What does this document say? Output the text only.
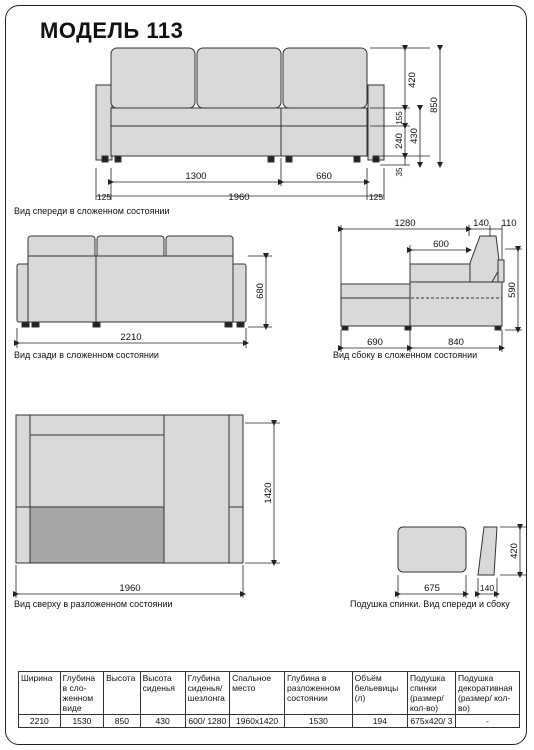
МОДЕЛЬ 113
420
850
155
240 430
35
1300	660
125	1960	125
680
2210
1280	140 110
600
590
690	840
1420
1960
420
675	140
Вид спереди в сложенном состоянии
Вид сзади в сложенном состоянии	Вид сбоку в сложенном состоянии
Вид сверху в разложенном состоянии	Подушка спинки. Вид спереди и сбоку
Ширина	Глубина в сло-женном виде	Высота	Высота сиденья	Глубина сиденья/ шезлонга	Спальное место	Глубина в разложенном состоянии	Объём бельевицы (л)	Подушка спинки (размер/ кол-во)	Подушка декоративная (размер/ кол-во)
2210	1530	850	430	600/ 1280	1960х1420	1530	194	675х420/ 3	-
